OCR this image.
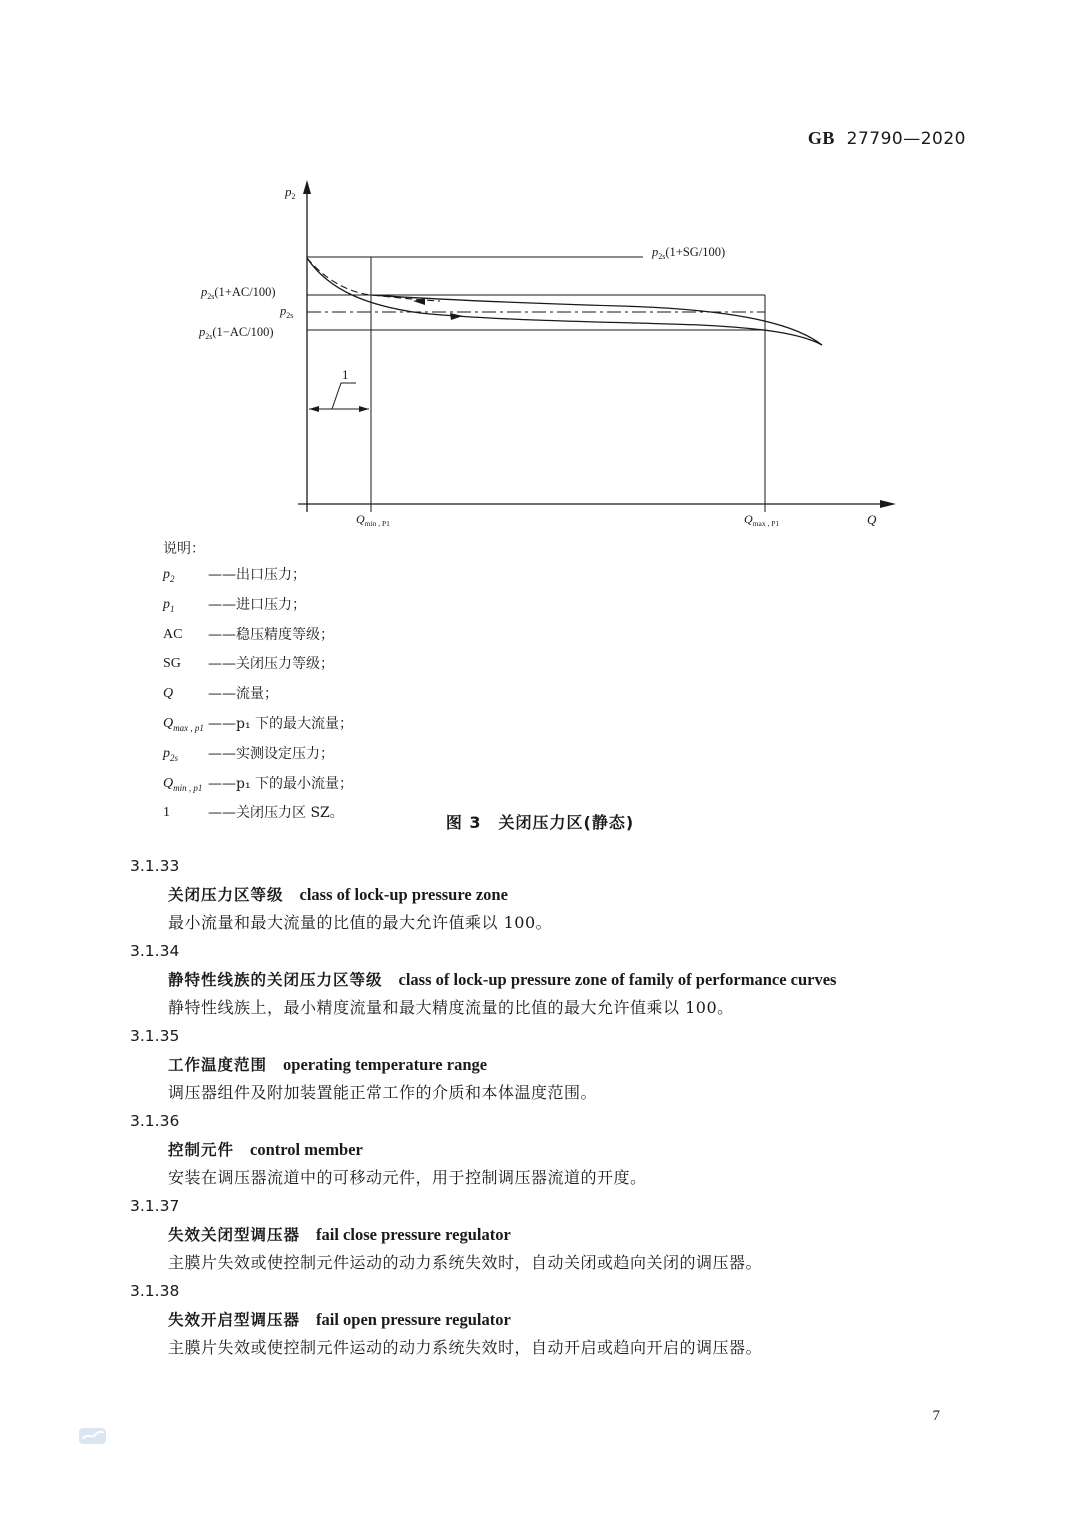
GB 27790—2020
1
$p_2$
$p_{2s}(1+SG/100)$
$p_{2s}(1+AC/100)$
$p_{2s}$
$p_{2s}(1-AC/100)$
$Q_{min , P1}$	$Q_{max , P1}$	Q
说明：
$p_2$	——出口压力；
$p_1$	——进口压力；
AC	——稳压精度等级；
SG	——关闭压力等级；
Q	——流量；
$Q_{max , p1}$ ——p₁ 下的最大流量；
$p_{2s}$	——实测设定压力；
$Q_{min , p1}$ ——p₁ 下的最小流量；
1	——关闭压力区 SZ。	图 3　关闭压力区(静态)
3.1.33
关闭压力区等级 class of lock-up pressure zone
最小流量和最大流量的比值的最大允许值乘以 100。
3.1.34
静特性线族的关闭压力区等级 class of lock-up pressure zone of family of performance curves
静特性线族上，最小精度流量和最大精度流量的比值的最大允许值乘以 100。
3.1.35
工作温度范围 operating temperature range
调压器组件及附加装置能正常工作的介质和本体温度范围。
3.1.36
控制元件 control member
安装在调压器流道中的可移动元件，用于控制调压器流道的开度。
3.1.37
失效关闭型调压器 fail close pressure regulator
主膜片失效或使控制元件运动的动力系统失效时，自动关闭或趋向关闭的调压器。
3.1.38
失效开启型调压器 fail open pressure regulator
主膜片失效或使控制元件运动的动力系统失效时，自动开启或趋向开启的调压器。
7
